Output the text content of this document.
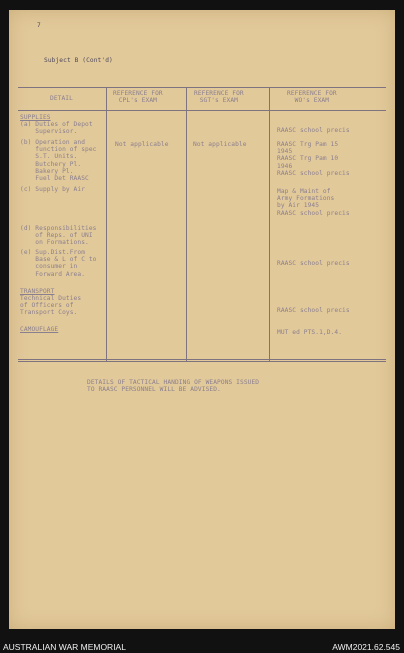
7
Subject B (Cont'd)
DETAIL
REFERENCE FOR
CPL's EXAM
REFERENCE FOR
SGT's EXAM
REFERENCE FOR
WO's EXAM
SUPPLIES
(a) Duties of Depot
Supervisor.
(b) Operation and
function of spec
S.T. Units.
Butchery Pl.
Bakery Pl.
Fuel Det RAASC
(c) Supply by Air
(d) Responsibilities
of Reps. of UNI
on Formations.
(e) Sup.Dist.From
Base & L of C to
consumer in
Forward Area.
TRANSPORT
Technical Duties
of Officers of
Transport Coys.
CAMOUFLAGE
Not applicable	Not applicable
RAASC school precis
RAASC Trg Pam 15
1945
RAASC Trg Pam 10
1946
RAASC school precis
Map & Maint of
Army Formations
by Air 1945
RAASC school precis
RAASC school precis
RAASC school precis
MUT ed PTS.1,D.4.
DETAILS OF TACTICAL HANDING OF WEAPONS ISSUED
TO RAASC PERSONNEL WILL BE ADVISED.
AUSTRALIAN WAR MEMORIAL	AWM2021.62.545
